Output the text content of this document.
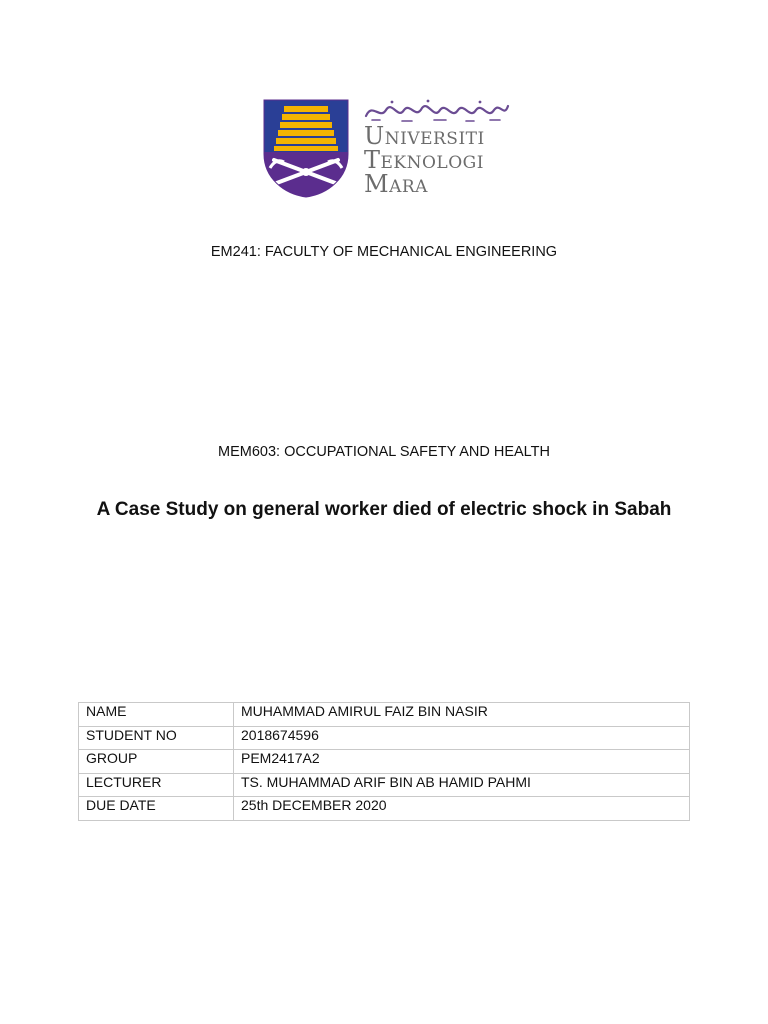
Universiti
Teknologi
Mara
EM241: FACULTY OF MECHANICAL ENGINEERING
MEM603: OCCUPATIONAL SAFETY AND HEALTH
A Case Study on general worker died of electric shock in Sabah
NAME	MUHAMMAD AMIRUL FAIZ BIN NASIR
STUDENT NO	2018674596
GROUP	PEM2417A2
LECTURER	TS. MUHAMMAD ARIF BIN AB HAMID PAHMI
DUE DATE	25th DECEMBER 2020
